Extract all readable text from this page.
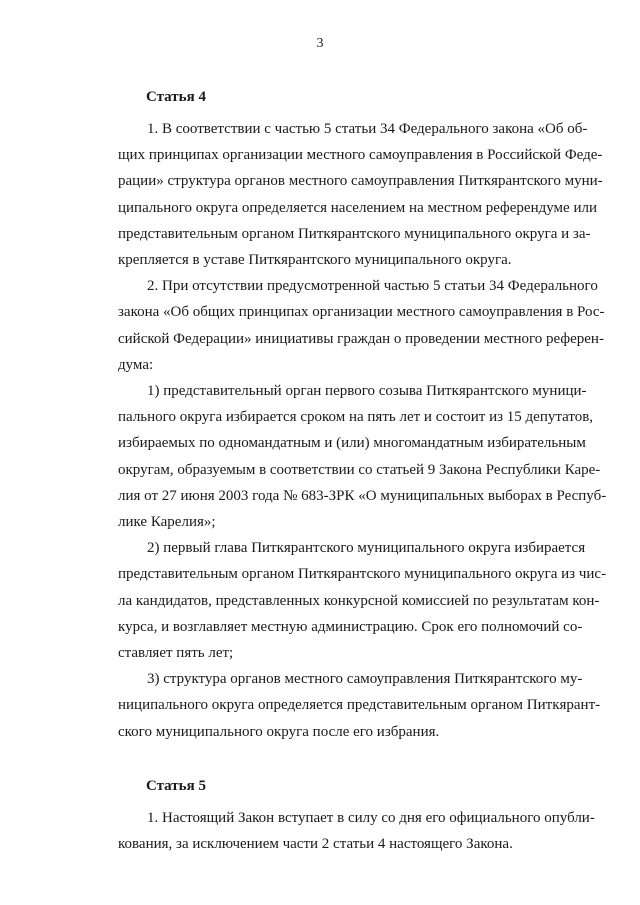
3
Статья 4
1. В соответствии с частью 5 статьи 34 Федерального закона «Об об-
щих принципах организации местного самоуправления в Российской Феде-
рации» структура органов местного самоуправления Питкярантского муни-
ципального округа определяется населением на местном референдуме или
представительным органом Питкярантского муниципального округа и за-
крепляется в уставе Питкярантского муниципального округа.
2. При отсутствии предусмотренной частью 5 статьи 34 Федерального
закона «Об общих принципах организации местного самоуправления в Рос-
сийской Федерации» инициативы граждан о проведении местного референ-
дума:
1) представительный орган первого созыва Питкярантского муници-
пального округа избирается сроком на пять лет и состоит из 15 депутатов,
избираемых по одномандатным и (или) многомандатным избирательным
округам, образуемым в соответствии со статьей 9 Закона Республики Каре-
лия от 27 июня 2003 года № 683-ЗРК «О муниципальных выборах в Респуб-
лике Карелия»;
2) первый глава Питкярантского муниципального округа избирается
представительным органом Питкярантского муниципального округа из чис-
ла кандидатов, представленных конкурсной комиссией по результатам кон-
курса, и возглавляет местную администрацию. Срок его полномочий со-
ставляет пять лет;
3) структура органов местного самоуправления Питкярантского му-
ниципального округа определяется представительным органом Питкярант-
ского муниципального округа после его избрания.
Статья 5
1. Настоящий Закон вступает в силу со дня его официального опубли-
кования, за исключением части 2 статьи 4 настоящего Закона.
